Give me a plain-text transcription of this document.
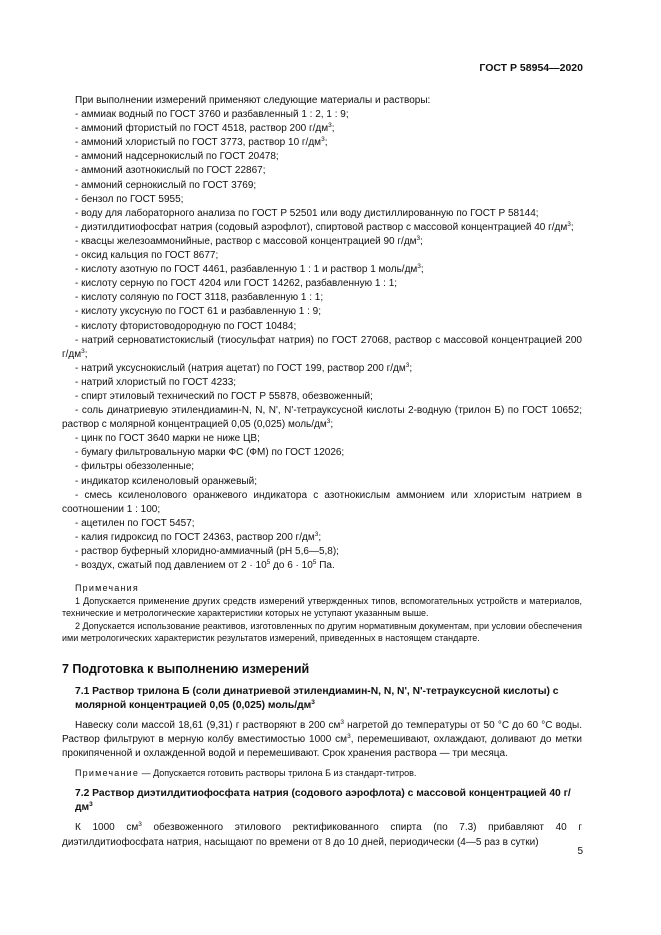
ГОСТ Р 58954—2020

При выполнении измерений применяют следующие материалы и растворы:

- аммиак водный по ГОСТ 3760 и разбавленный 1 : 2, 1 : 9;

- аммоний фтористый по ГОСТ 4518, раствор 200 $г/дм^3$;

- аммоний хлористый по ГОСТ 3773, раствор 10 $г/дм^3$;

- аммоний надсернокислый по ГОСТ 20478;

- аммоний азотнокислый по ГОСТ 22867;

- аммоний сернокислый по ГОСТ 3769;

- бензол по ГОСТ 5955;

- воду для лабораторного анализа по ГОСТ Р 52501 или воду дистиллированную по ГОСТ Р 58144;

- диэтилдитиофосфат натрия (содовый аэрофлот), спиртовой раствор с массовой концентрацией 40 $г/дм^3$;

- квасцы железоаммонийные, раствор с массовой концентрацией 90 $г/дм^3$;

- оксид кальция по ГОСТ 8677;

- кислоту азотную по ГОСТ 4461, разбавленную 1 : 1 и раствор 1 моль/$дм^3$;

- кислоту серную по ГОСТ 4204 или ГОСТ 14262, разбавленную 1 : 1;

- кислоту соляную по ГОСТ 3118, разбавленную 1 : 1;

- кислоту уксусную по ГОСТ 61 и разбавленную 1 : 9;

- кислоту фтористоводородную по ГОСТ 10484;

- натрий серноватистокислый (тиосульфат натрия) по ГОСТ 27068, раствор с массовой концентрацией 200 $г/дм^3$;

- натрий уксуснокислый (натрия ацетат) по ГОСТ 199, раствор 200 $г/дм^3$;

- натрий хлористый по ГОСТ 4233;

- спирт этиловый технический по ГОСТ Р 55878, обезвоженный;

- соль динатриевую этилендиамин-N, N, N', N'-тетрауксусной кислоты 2-водную (трилон Б) по ГОСТ 10652; раствор с молярной концентрацией 0,05 (0,025) моль/$дм^3$;

- цинк по ГОСТ 3640 марки не ниже ЦВ;

- бумагу фильтровальную марки ФС (ФМ) по ГОСТ 12026;

- фильтры обеззоленные;

- индикатор ксиленоловый оранжевый;

- смесь ксиленолового оранжевого индикатора с азотнокислым аммонием или хлористым натрием в соотношении 1 : 100;

- ацетилен по ГОСТ 5457;

- калия гидроксид по ГОСТ 24363, раствор 200 $г/дм^3$;

- раствор буферный хлоридно-аммиачный (рН 5,6—5,8);

- воздух, сжатый под давлением от $2 \cdot 10^5$ до $6 \cdot 10^5$ Па.

Примечания

1 Допускается применение других средств измерений утвержденных типов, вспомогательных устройств и материалов, технические и метрологические характеристики которых не уступают указанным выше.

2 Допускается использование реактивов, изготовленных по другим нормативным документам, при условии обеспечения ими метрологических характеристик результатов измерений, приведенных в настоящем стандарте.

7 Подготовка к выполнению измерений
7.1 Раствор трилона Б (соли динатриевой этилендиамин-N, N, N', N'-тетрауксусной кислоты) с молярной концентрацией 0,05 (0,025) моль/$дм^3$

Навеску соли массой 18,61 (9,31) г растворяют в 200 $см^3$ нагретой до температуры от 50 °С до 60 °С воды. Раствор фильтруют в мерную колбу вместимостью 1000 $см^3$, перемешивают, охлаждают, доливают до метки прокипяченной и охлажденной водой и перемешивают. Срок хранения раствора — три месяца.

Примечание — Допускается готовить растворы трилона Б из стандарт-титров.

7.2 Раствор диэтилдитиофосфата натрия (содового аэрофлота) с массовой концентрацией 40 $г/дм^3$

К 1000 $см^3$ обезвоженного этилового ректификованного спирта (по 7.3) прибавляют 40 г диэтилдитиофосфата натрия, насыщают по времени от 8 до 10 дней, периодически (4—5 раз в сутки)

5
